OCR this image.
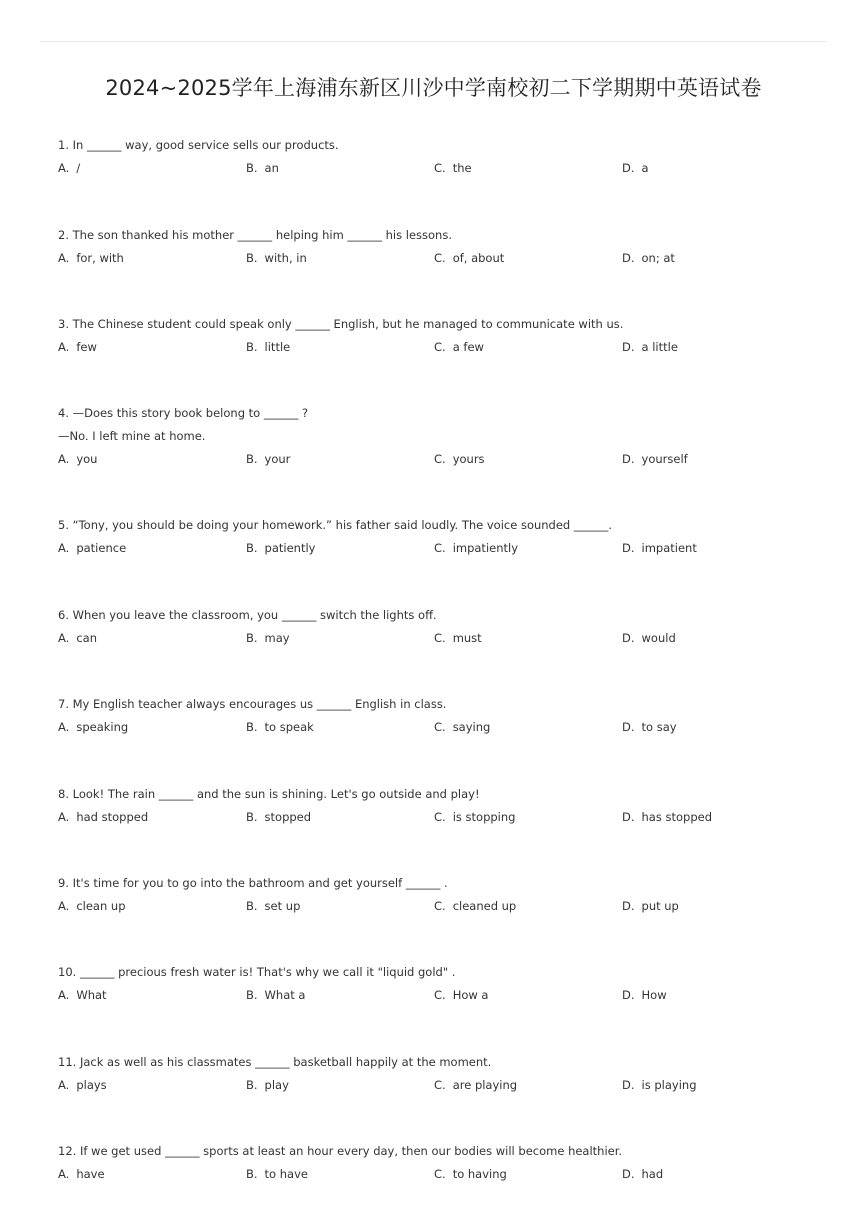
2024~2025学年上海浦东新区川沙中学南校初二下学期期中英语试卷
1. In ______ way, good service sells our products.
A. /	B. an	C. the	D. a
2. The son thanked his mother ______ helping him ______ his lessons.
A. for, with	B. with, in	C. of, about	D. on; at
3. The Chinese student could speak only ______ English, but he managed to communicate with us.
A. few	B. little	C. a few	D. a little
4. —Does this story book belong to ______ ?
—No. I left mine at home.
A. you	B. your	C. yours	D. yourself
5. “Tony, you should be doing your homework.” his father said loudly. The voice sounded ______.
A. patience	B. patiently	C. impatiently	D. impatient
6. When you leave the classroom, you ______ switch the lights off.
A. can	B. may	C. must	D. would
7. My English teacher always encourages us ______ English in class.
A. speaking	B. to speak	C. saying	D. to say
8. Look! The rain ______ and the sun is shining. Let's go outside and play!
A. had stopped	B. stopped	C. is stopping	D. has stopped
9. It's time for you to go into the bathroom and get yourself ______ .
A. clean up	B. set up	C. cleaned up	D. put up
10. ______ precious fresh water is! That's why we call it "liquid gold" .
A. What	B. What a	C. How a	D. How
11. Jack as well as his classmates ______ basketball happily at the moment.
A. plays	B. play	C. are playing	D. is playing
12. If we get used ______ sports at least an hour every day, then our bodies will become healthier.
A. have	B. to have	C. to having	D. had
